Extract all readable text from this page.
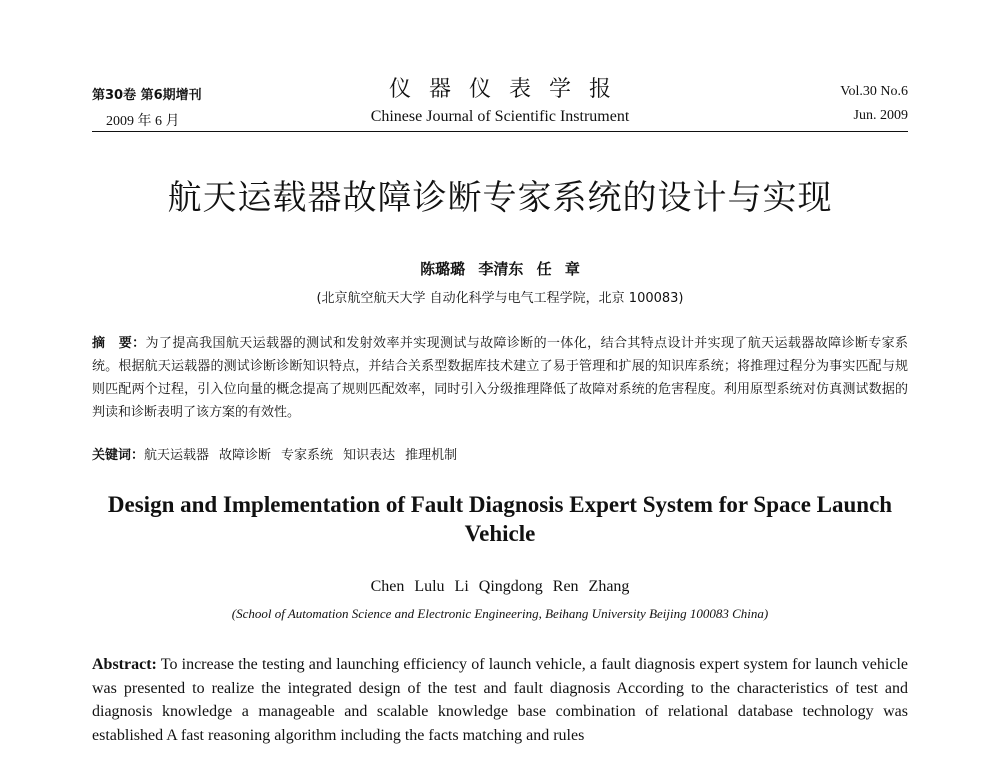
第30卷 第6期增刊
2009 年 6 月
仪器仪表学报
Chinese Journal of Scientific Instrument
Vol.30 No.6
Jun. 2009
航天运载器故障诊断专家系统的设计与实现
陈璐璐 李清东 任 章
(北京航空航天大学 自动化科学与电气工程学院，北京 100083)
摘　要：为了提高我国航天运载器的测试和发射效率并实现测试与故障诊断的一体化，结合其特点设计并实现了航天运载器故障诊断专家系统。根据航天运载器的测试诊断诊断知识特点，并结合关系型数据库技术建立了易于管理和扩展的知识库系统；将推理过程分为事实匹配与规则匹配两个过程，引入位向量的概念提高了规则匹配效率，同时引入分级推理降低了故障对系统的危害程度。利用原型系统对仿真测试数据的判读和诊断表明了该方案的有效性。
关键词：航天运载器 故障诊断 专家系统 知识表达 推理机制
Design and Implementation of Fault Diagnosis Expert System for Space Launch Vehicle
Chen Lulu Li Qingdong Ren Zhang
(School of Automation Science and Electronic Engineering, Beihang University Beijing 100083 China)
Abstract: To increase the testing and launching efficiency of launch vehicle, a fault diagnosis expert system for launch vehicle was presented to realize the integrated design of the test and fault diagnosis According to the characteristics of test and diagnosis knowledge a manageable and scalable knowledge base combination of relational database technology was established A fast reasoning algorithm including the facts matching and rules
